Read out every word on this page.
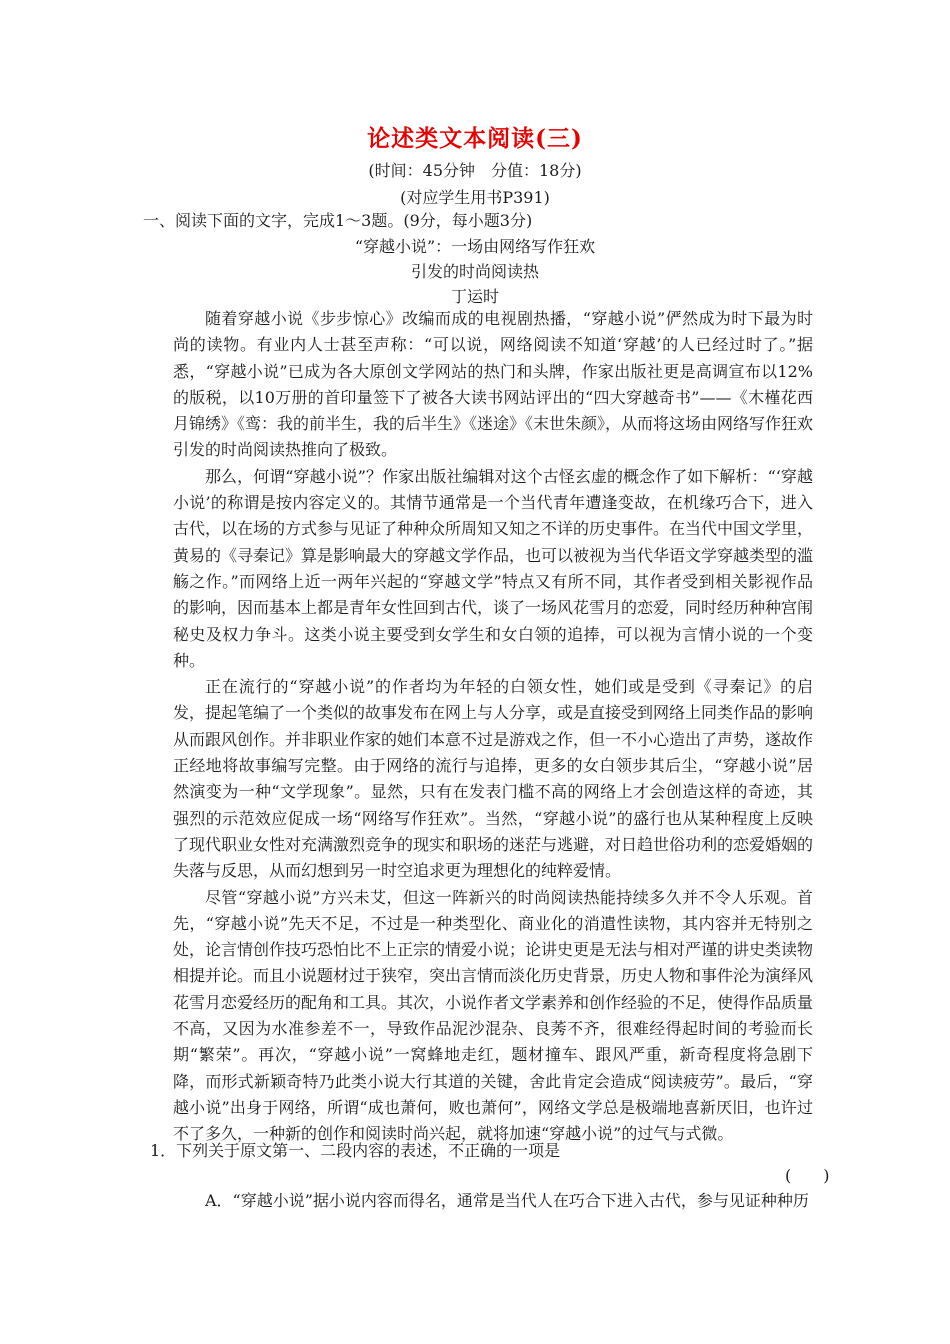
论述类文本阅读(三)
(时间：45分钟　分值：18分)
(对应学生用书P391)
一、阅读下面的文字，完成1～3题。(9分，每小题3分)
“穿越小说”：一场由网络写作狂欢
引发的时尚阅读热
丁运时

随着穿越小说《步步惊心》改编而成的电视剧热播，“穿越小说”俨然成为时下最为时尚的读物。有业内人士甚至声称：“可以说，网络阅读不知道‘穿越’的人已经过时了。”据悉，“穿越小说”已成为各大原创文学网站的热门和头牌，作家出版社更是高调宣布以12%的版税，以10万册的首印量签下了被各大读书网站评出的“四大穿越奇书”——《木槿花西月锦绣》《鸾：我的前半生，我的后半生》《迷途》《末世朱颜》，从而将这场由网络写作狂欢引发的时尚阅读热推向了极致。

那么，何谓“穿越小说”？作家出版社编辑对这个古怪玄虚的概念作了如下解析：“‘穿越小说’的称谓是按内容定义的。其情节通常是一个当代青年遭逢变故，在机缘巧合下，进入古代，以在场的方式参与见证了种种众所周知又知之不详的历史事件。在当代中国文学里，黄易的《寻秦记》算是影响最大的穿越文学作品，也可以被视为当代华语文学穿越类型的滥觞之作。”而网络上近一两年兴起的“穿越文学”特点又有所不同，其作者受到相关影视作品的影响，因而基本上都是青年女性回到古代，谈了一场风花雪月的恋爱，同时经历种种宫闱秘史及权力争斗。这类小说主要受到女学生和女白领的追捧，可以视为言情小说的一个变种。

正在流行的“穿越小说”的作者均为年轻的白领女性，她们或是受到《寻秦记》的启发，提起笔编了一个类似的故事发布在网上与人分享，或是直接受到网络上同类作品的影响从而跟风创作。并非职业作家的她们本意不过是游戏之作，但一不小心造出了声势，遂故作正经地将故事编写完整。由于网络的流行与追捧，更多的女白领步其后尘，“穿越小说”居然演变为一种“文学现象”。显然，只有在发表门槛不高的网络上才会创造这样的奇迹，其强烈的示范效应促成一场“网络写作狂欢”。当然，“穿越小说”的盛行也从某种程度上反映了现代职业女性对充满激烈竞争的现实和职场的迷茫与逃避，对日趋世俗功利的恋爱婚姻的失落与反思，从而幻想到另一时空追求更为理想化的纯粹爱情。

尽管“穿越小说”方兴未艾，但这一阵新兴的时尚阅读热能持续多久并不令人乐观。首先，“穿越小说”先天不足，不过是一种类型化、商业化的消遣性读物，其内容并无特别之处，论言情创作技巧恐怕比不上正宗的情爱小说；论讲史更是无法与相对严谨的讲史类读物相提并论。而且小说题材过于狭窄，突出言情而淡化历史背景，历史人物和事件沦为演绎风花雪月恋爱经历的配角和工具。其次，小说作者文学素养和创作经验的不足，使得作品质量不高，又因为水准参差不一，导致作品泥沙混杂、良莠不齐，很难经得起时间的考验而长期“繁荣”。再次，“穿越小说”一窝蜂地走红，题材撞车、跟风严重，新奇程度将急剧下降，而形式新颖奇特乃此类小说大行其道的关键，舍此肯定会造成“阅读疲劳”。最后，“穿越小说”出身于网络，所谓“成也萧何，败也萧何”，网络文学总是极端地喜新厌旧，也许过不了多久，一种新的创作和阅读时尚兴起，就将加速“穿越小说”的过气与式微。

1．下列关于原文第一、二段内容的表述，不正确的一项是
(　　)
A．“穿越小说”据小说内容而得名，通常是当代人在巧合下进入古代，参与见证种种历
